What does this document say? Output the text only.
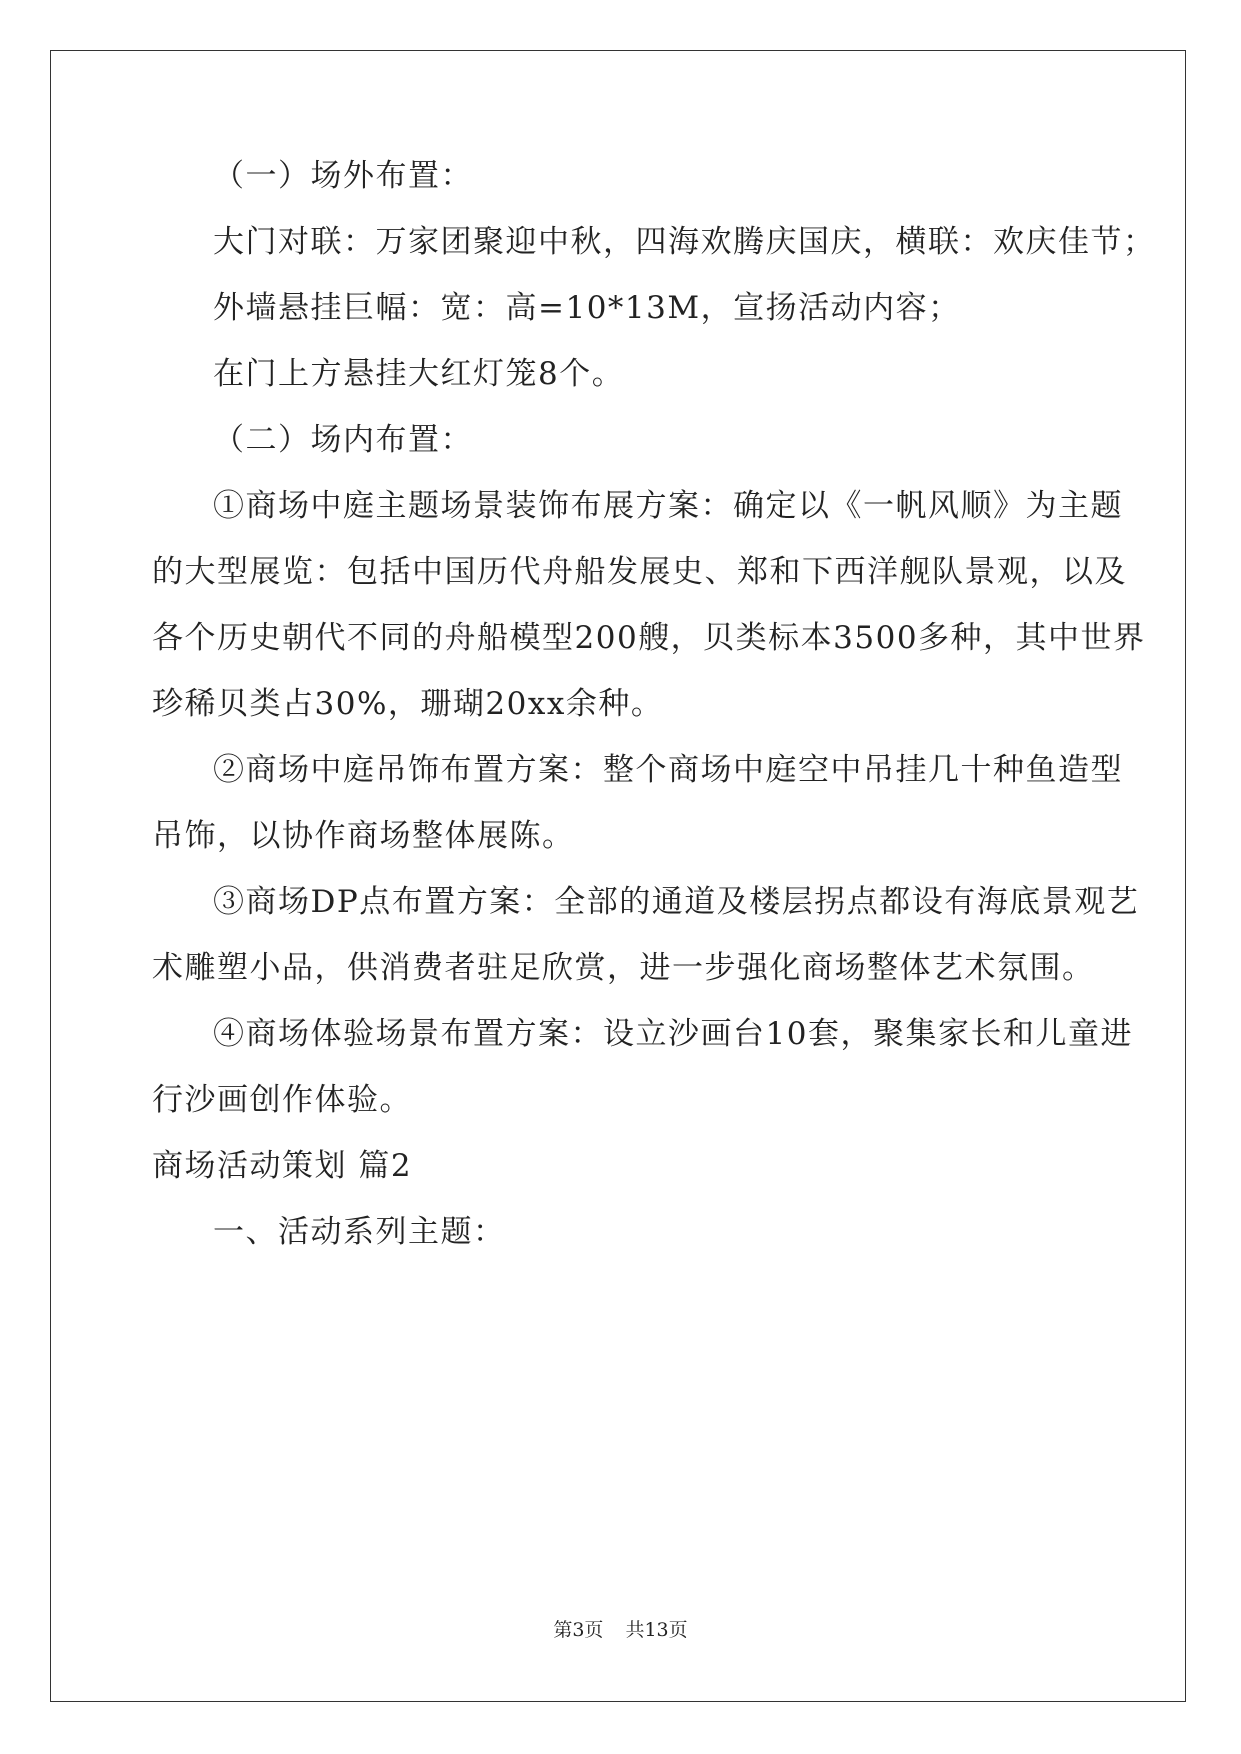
（一）场外布置：
大门对联：万家团聚迎中秋，四海欢腾庆国庆，横联：欢庆佳节；
外墙悬挂巨幅：宽：高=10*13M，宣扬活动内容；
在门上方悬挂大红灯笼8个。
（二）场内布置：
①商场中庭主题场景装饰布展方案：确定以《一帆风顺》为主题
的大型展览：包括中国历代舟船发展史、郑和下西洋舰队景观，以及
各个历史朝代不同的舟船模型200艘，贝类标本3500多种，其中世界
珍稀贝类占30%，珊瑚20xx余种。
②商场中庭吊饰布置方案：整个商场中庭空中吊挂几十种鱼造型
吊饰，以协作商场整体展陈。
③商场DP点布置方案：全部的通道及楼层拐点都设有海底景观艺
术雕塑小品，供消费者驻足欣赏，进一步强化商场整体艺术氛围。
④商场体验场景布置方案：设立沙画台10套，聚集家长和儿童进
行沙画创作体验。
商场活动策划 篇2
一、活动系列主题：
第3页 共13页
